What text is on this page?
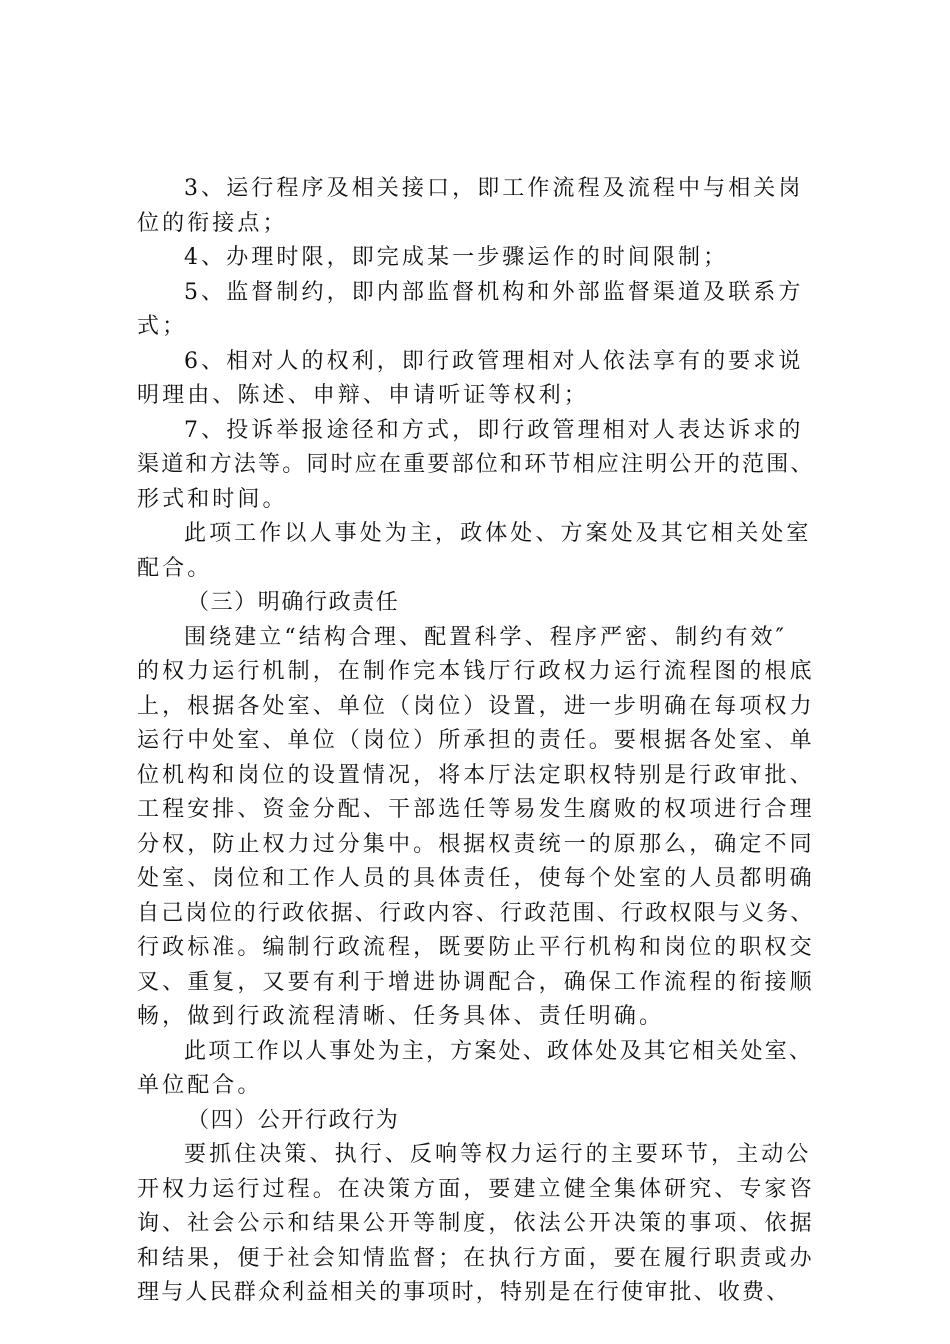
3、运行程序及相关接口，即工作流程及流程中与相关岗
位的衔接点；
4、办理时限，即完成某一步骤运作的时间限制；
5、监督制约，即内部监督机构和外部监督渠道及联系方
式；
6、相对人的权利，即行政管理相对人依法享有的要求说
明理由、陈述、申辩、申请听证等权利；
7、投诉举报途径和方式，即行政管理相对人表达诉求的
渠道和方法等。同时应在重要部位和环节相应注明公开的范围、
形式和时间。
此项工作以人事处为主，政体处、方案处及其它相关处室
配合。
（三）明确行政责任
围绕建立“结构合理、配置科学、程序严密、制约有效″
的权力运行机制，在制作完本钱厅行政权力运行流程图的根底
上，根据各处室、单位（岗位）设置，进一步明确在每项权力
运行中处室、单位（岗位）所承担的责任。要根据各处室、单
位机构和岗位的设置情况，将本厅法定职权特别是行政审批、
工程安排、资金分配、干部选任等易发生腐败的权项进行合理
分权，防止权力过分集中。根据权责统一的原那么，确定不同
处室、岗位和工作人员的具体责任，使每个处室的人员都明确
自己岗位的行政依据、行政内容、行政范围、行政权限与义务、
行政标准。编制行政流程，既要防止平行机构和岗位的职权交
叉、重复，又要有利于增进协调配合，确保工作流程的衔接顺
畅，做到行政流程清晰、任务具体、责任明确。
此项工作以人事处为主，方案处、政体处及其它相关处室、
单位配合。
（四）公开行政行为
要抓住决策、执行、反响等权力运行的主要环节，主动公
开权力运行过程。在决策方面，要建立健全集体研究、专家咨
询、社会公示和结果公开等制度，依法公开决策的事项、依据
和结果，便于社会知情监督；在执行方面，要在履行职责或办
理与人民群众利益相关的事项时，特别是在行使审批、收费、
